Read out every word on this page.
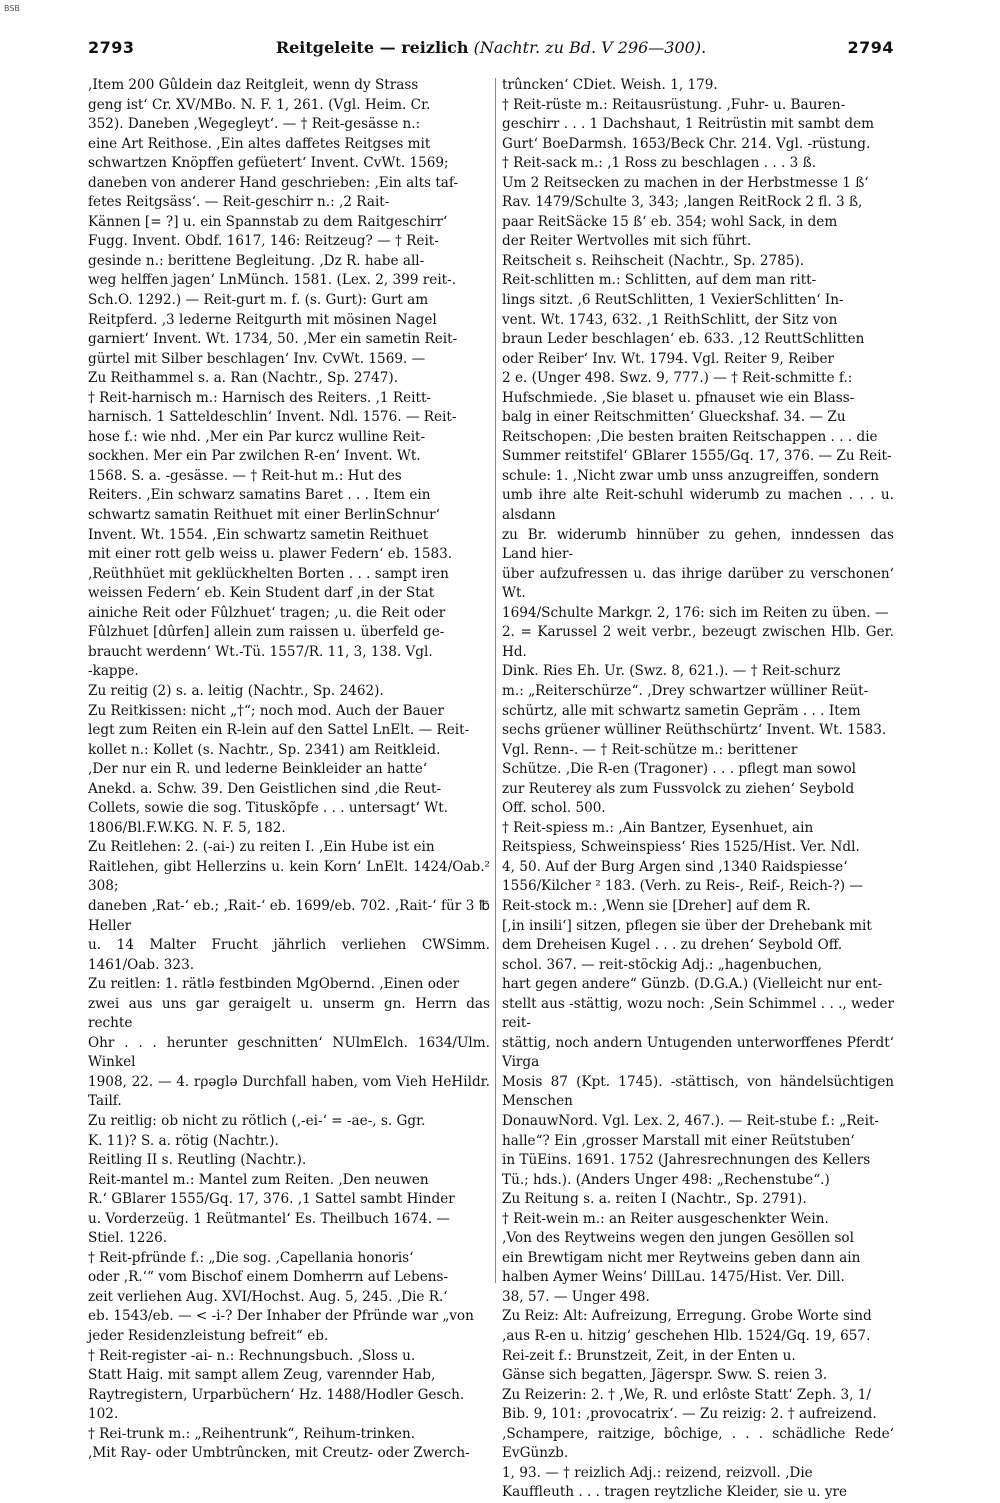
BSB
2793	Reitgeleite — reizlich (Nachtr. zu Bd. V 296—300).	2794

‚Item 200 Gûldein daz Reitgleit, wenn dy Strass

geng ist‘ Cr. XV/MBo. N. F. 1, 261. (Vgl. Heim. Cr.

352). Daneben ‚Wegegleyt‘. — † Reit-gesässe n.:

eine Art Reithose. ‚Ein altes daffetes Reitgses mit

schwartzen Knöpffen gefüetert‘ Invent. CvWt. 1569;

daneben von anderer Hand geschrieben: ‚Ein alts taf-

fetes Reitgsäss‘. — Reit-geschirr n.: ‚2 Rait-

Kännen [= ?] u. ein Spannstab zu dem Raitgeschirr‘

Fugg. Invent. Obdf. 1617, 146: Reitzeug? — † Reit-

gesinde n.: berittene Begleitung. ‚Dz R. habe all-

weg helffen jagen‘ LnMünch. 1581. (Lex. 2, 399 reit-.

Sch.O. 1292.) — Reit-gurt m. f. (s. Gurt): Gurt am

Reitpferd. ‚3 lederne Reitgurth mit mösinen Nagel

garniert‘ Invent. Wt. 1734, 50. ‚Mer ein sametin Reit-

gürtel mit Silber beschlagen‘ Inv. CvWt. 1569. —

Zu Reithammel s. a. Ran (Nachtr., Sp. 2747).

† Reit-harnisch m.: Harnisch des Reiters. ‚1 Reitt-

harnisch. 1 Satteldeschlin‘ Invent. Ndl. 1576. — Reit-

hose f.: wie nhd. ‚Mer ein Par kurcz wulline Reit-

sockhen. Mer ein Par zwilchen R-en‘ Invent. Wt.

1568. S. a. -gesässe. — † Reit-hut m.: Hut des

Reiters. ‚Ein schwarz samatins Baret . . . Item ein

schwartz samatin Reithuet mit einer BerlinSchnur‘

Invent. Wt. 1554. ‚Ein schwartz sametin Reithuet

mit einer rott gelb weiss u. plawer Federn‘ eb. 1583.

‚Reüthhüet mit geklückhelten Borten . . . sampt iren

weissen Federn‘ eb. Kein Student darf ‚in der Stat

ainiche Reit oder Fûlzhuet‘ tragen; ‚u. die Reit oder

Fûlzhuet [dûrfen] allein zum raissen u. überfeld ge-

braucht werdenn‘ Wt.-Tü. 1557/R. 11, 3, 138. Vgl.

-kappe.

Zu reitig (2) s. a. leitig (Nachtr., Sp. 2462).

Zu Reitkissen: nicht „†“; noch mod. Auch der Bauer

legt zum Reiten ein R-lein auf den Sattel LnElt. — Reit-

kollet n.: Kollet (s. Nachtr., Sp. 2341) am Reitkleid.

‚Der nur ein R. und lederne Beinkleider an hatte‘

Anekd. a. Schw. 39. Den Geistlichen sind ‚die Reut-

Collets, sowie die sog. Tituskõpfe . . . untersagt‘ Wt.

1806/Bl.F.W.KG. N. F. 5, 182.

Zu Reitlehen: 2. (-ai-) zu reiten I. ‚Ein Hube ist ein

Raitlehen, gibt Hellerzins u. kein Korn‘ LnElt. 1424/Oab.² 308;

daneben ‚Rat-‘ eb.; ‚Rait-‘ eb. 1699/eb. 702. ‚Rait-‘ für 3 ℔ Heller

u. 14 Malter Frucht jährlich verliehen CWSimm. 1461/Oab. 323.

Zu reitlen: 1. rätlə festbinden MgObernd. ‚Einen oder

zwei aus uns gar geraigelt u. unserm gn. Herrn das rechte

Ohr . . . herunter geschnitten‘ NUlmElch. 1634/Ulm. Winkel

1908, 22. — 4. rρəglə Durchfall haben, vom Vieh HeHildr. Tailf.

Zu reitlig: ob nicht zu rötlich (‚-ei-‘ = -ae-, s. Ggr.

K. 11)? S. a. rötig (Nachtr.).

Reitling II s. Reutling (Nachtr.).

Reit-mantel m.: Mantel zum Reiten. ‚Den neuwen

R.‘ GBlarer 1555/Gq. 17, 376. ‚1 Sattel sambt Hinder

u. Vorderzeüg. 1 Reütmantel‘ Es. Theilbuch 1674. —

Stiel. 1226.

† Reit-pfründe f.: „Die sog. ‚Capellania honoris‘

oder ‚R.‘“ vom Bischof einem Domherrn auf Lebens-

zeit verliehen Aug. XVI/Hochst. Aug. 5, 245. ‚Die R.‘

eb. 1543/eb. — < -i-? Der Inhaber der Pfründe war „von

jeder Residenzleistung befreit“ eb.

† Reit-register -ai- n.: Rechnungsbuch. ‚Sloss u.

Statt Haig. mit sampt allem Zeug, varennder Hab,

Raytregistern, Urparbüchern‘ Hz. 1488/Hodler Gesch.

102.

† Rei-trunk m.: „Reihentrunk“, Reihum-trinken.

‚Mit Ray- oder Umbtrûncken, mit Creutz- oder Zwerch-

trûncken‘ CDiet. Weish. 1, 179.

† Reit-rüste m.: Reitausrüstung. ‚Fuhr- u. Bauren-

geschirr . . . 1 Dachshaut, 1 Reitrüstin mit sambt dem

Gurt‘ BoeDarmsh. 1653/Beck Chr. 214. Vgl. -rüstung.

† Reit-sack m.: ‚1 Ross zu beschlagen . . . 3 ß.

Um 2 Reitsecken zu machen in der Herbstmesse 1 ß‘

Rav. 1479/Schulte 3, 343; ‚langen ReitRock 2 fl. 3 ß,

paar ReitSäcke 15 ß‘ eb. 354; wohl Sack, in dem

der Reiter Wertvolles mit sich führt.

Reitscheit s. Reihscheit (Nachtr., Sp. 2785).

Reit-schlitten m.: Schlitten, auf dem man ritt-

lings sitzt. ‚6 ReutSchlitten, 1 VexierSchlitten‘ In-

vent. Wt. 1743, 632. ‚1 ReithSchlitt, der Sitz von

braun Leder beschlagen‘ eb. 633. ‚12 ReuttSchlitten

oder Reiber‘ Inv. Wt. 1794. Vgl. Reiter 9, Reiber

2 e. (Unger 498. Swz. 9, 777.) — † Reit-schmitte f.:

Hufschmiede. ‚Sie blaset u. pfnauset wie ein Blass-

balg in einer Reitschmitten‘ Glueckshaf. 34. — Zu

Reitschopen: ‚Die besten braiten Reitschappen . . . die

Summer reitstifel‘ GBlarer 1555/Gq. 17, 376. — Zu Reit-

schule: 1. ‚Nicht zwar umb unss anzugreiffen, sondern

umb ihre alte Reit-schuhl widerumb zu machen . . . u. alsdann

zu Br. widerumb hinnüber zu gehen, inndessen das Land hier-

über aufzufressen u. das ihrige darüber zu verschonen‘ Wt.

1694/Schulte Markgr. 2, 176: sich im Reiten zu üben. —

2. = Karussel 2 weit verbr., bezeugt zwischen Hlb. Ger. Hd.

Dink. Ries Eh. Ur. (Swz. 8, 621.). — † Reit-schurz

m.: „Reiterschürze“. ‚Drey schwartzer wülliner Reüt-

schürtz, alle mit schwartz sametin Gepräm . . . Item

sechs grüener wülliner Reüthschürtz‘ Invent. Wt. 1583.

Vgl. Renn-. — † Reit-schütze m.: berittener

Schütze. ‚Die R-en (Tragoner) . . . pflegt man sowol

zur Reuterey als zum Fussvolck zu ziehen‘ Seybold

Off. schol. 500.

† Reit-spiess m.: ‚Ain Bantzer, Eysenhuet, ain

Reitspiess, Schweinspiess‘ Ries 1525/Hist. Ver. Ndl.

4, 50. Auf der Burg Argen sind ‚1340 Raidspiesse‘

1556/Kilcher ² 183. (Verh. zu Reis-, Reif-, Reich-?) —

Reit-stock m.: ‚Wenn sie [Dreher] auf dem R.

[‚in insili‘] sitzen, pflegen sie über der Drehebank mit

dem Dreheisen Kugel . . . zu drehen‘ Seybold Off.

schol. 367. — reit-stöckig Adj.: „hagenbuchen,

hart gegen andere“ Günzb. (D.G.A.) (Vielleicht nur ent-

stellt aus -stättig, wozu noch: ‚Sein Schimmel . . ., weder reit-

stättig, noch andern Untugenden unterworffenes Pferdt‘ Virga

Mosis 87 (Kpt. 1745). -stättisch, von händelsüchtigen Menschen

DonauwNord. Vgl. Lex. 2, 467.). — Reit-stube f.: „Reit-

halle“? Ein ‚grosser Marstall mit einer Reütstuben‘

in TüEins. 1691. 1752 (Jahresrechnungen des Kellers

Tü.; hds.). (Anders Unger 498: „Rechenstube“.)

Zu Reitung s. a. reiten I (Nachtr., Sp. 2791).

† Reit-wein m.: an Reiter ausgeschenkter Wein.

‚Von des Reytweins wegen den jungen Gesöllen sol

ein Brewtigam nicht mer Reytweins geben dann ain

halben Aymer Weins‘ DillLau. 1475/Hist. Ver. Dill.

38, 57. — Unger 498.

Zu Reiz: Alt: Aufreizung, Erregung. Grobe Worte sind

‚aus R-en u. hitzig‘ geschehen Hlb. 1524/Gq. 19, 657.

Rei-zeit f.: Brunstzeit, Zeit, in der Enten u.

Gänse sich begatten, Jägerspr. Sww. S. reien 3.

Zu Reizerin: 2. † ‚We, R. und erlôste Statt‘ Zeph. 3, 1/

Bib. 9, 101: ‚provocatrix‘. — Zu reizig: 2. † aufreizend.

‚Schampere, raitzige, bôchige, . . . schädliche Rede‘ EvGünzb.

1, 93. — † reizlich Adj.: reizend, reizvoll. ‚Die

Kauffleuth . . . tragen reytzliche Kleider, sie u. yre
